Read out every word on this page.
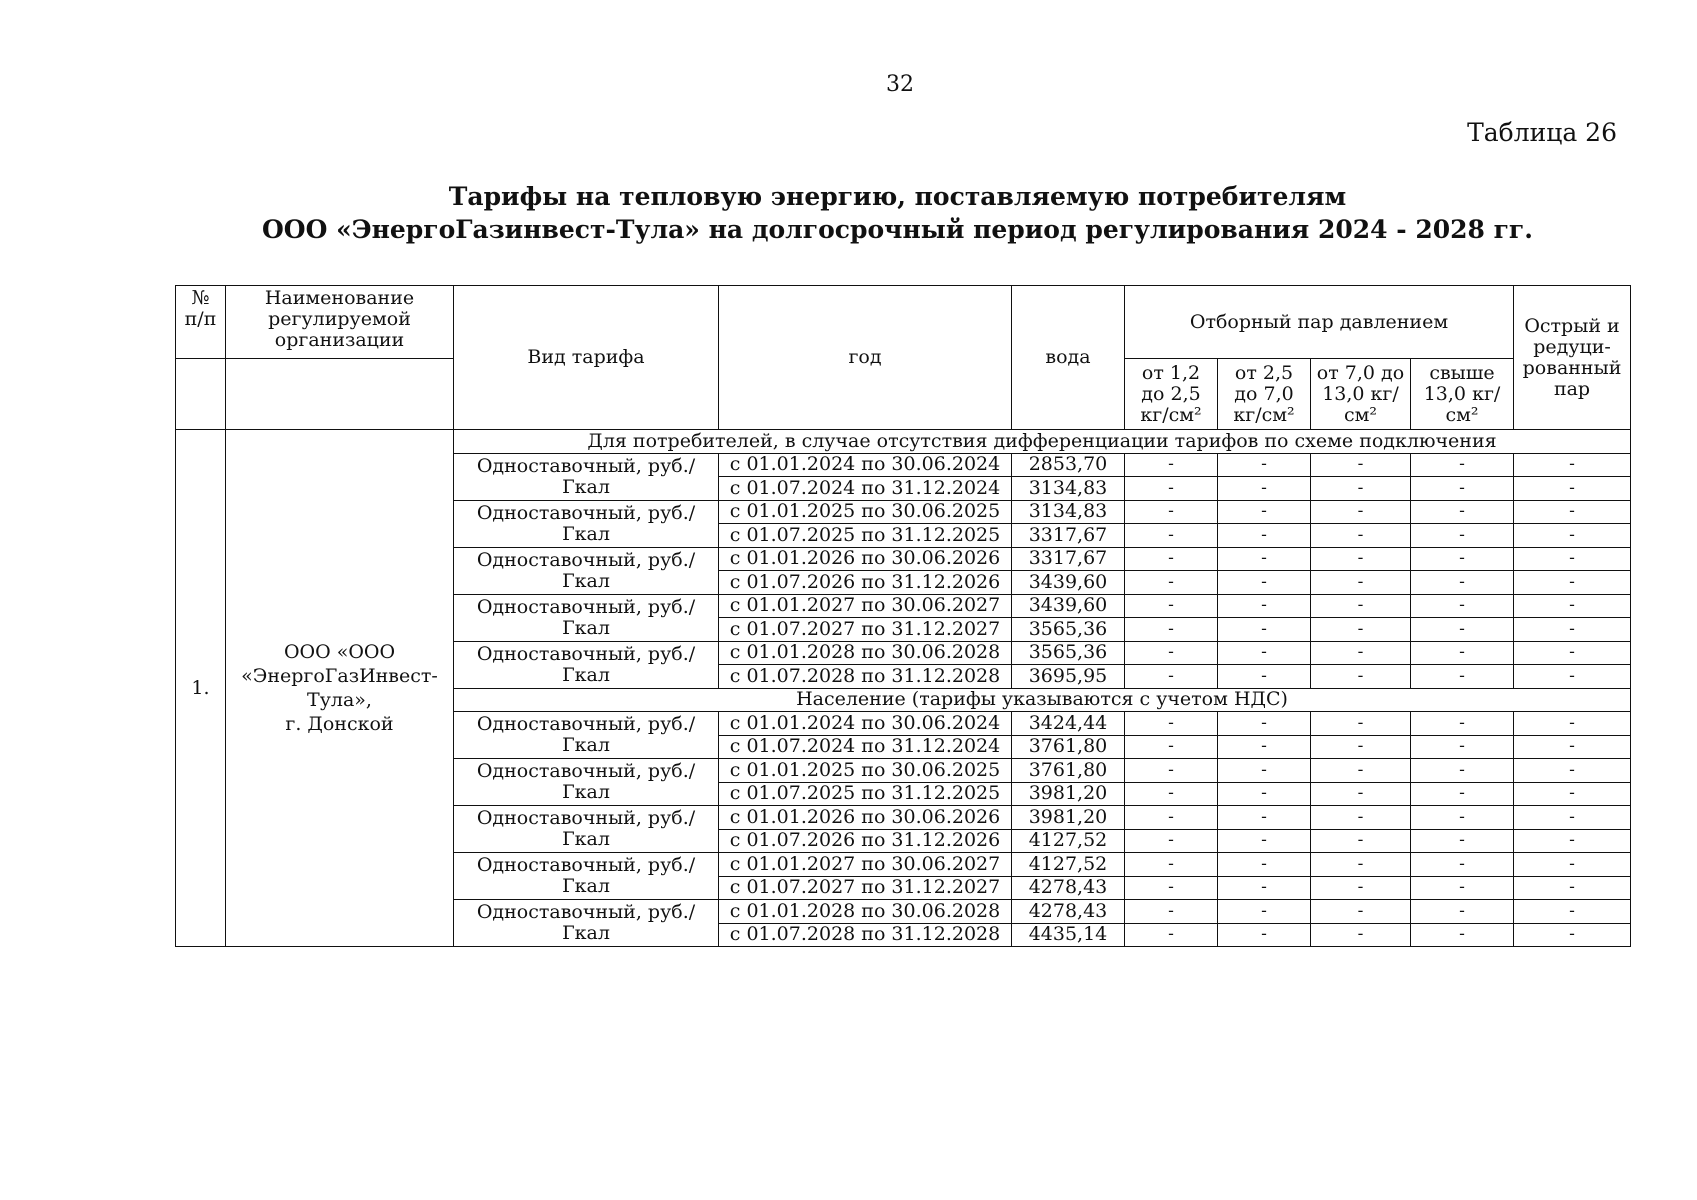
32
Таблица 26
Тарифы на тепловую энергию, поставляемую потребителям
ООО «ЭнергоГазинвест-Тула» на долгосрочный период регулирования 2024 - 2028 гг.
№ п/п	Наименование регулируемой организации	Вид тарифа	год	вода	Отборный пар давлением				Острый и редуци-рованный пар
					от 1,2 до 2,5 кг/см²	от 2,5 до 7,0 кг/см²	от 7,0 до 13,0 кг/см²	свыше 13,0 кг/см²	
1.	ООО «ООО
«ЭнергоГазИнвест-
Тула»,
г. Донской	Для потребителей, в случае отсутствия дифференциации тарифов по схеме подключения							
		Одноставочный, руб./Гкал	с 01.01.2024 по 30.06.2024	2853,70	-	-	-	-	-
			с 01.07.2024 по 31.12.2024	3134,83	-	-	-	-	-
		Одноставочный, руб./Гкал	с 01.01.2025 по 30.06.2025	3134,83	-	-	-	-	-
			с 01.07.2025 по 31.12.2025	3317,67	-	-	-	-	-
		Одноставочный, руб./Гкал	с 01.01.2026 по 30.06.2026	3317,67	-	-	-	-	-
			с 01.07.2026 по 31.12.2026	3439,60	-	-	-	-	-
		Одноставочный, руб./Гкал	с 01.01.2027 по 30.06.2027	3439,60	-	-	-	-	-
			с 01.07.2027 по 31.12.2027	3565,36	-	-	-	-	-
		Одноставочный, руб./Гкал	с 01.01.2028 по 30.06.2028	3565,36	-	-	-	-	-
			с 01.07.2028 по 31.12.2028	3695,95	-	-	-	-	-
		Население (тарифы указываются с учетом НДС)							
		Одноставочный, руб./Гкал	с 01.01.2024 по 30.06.2024	3424,44	-	-	-	-	-
			с 01.07.2024 по 31.12.2024	3761,80	-	-	-	-	-
		Одноставочный, руб./Гкал	с 01.01.2025 по 30.06.2025	3761,80	-	-	-	-	-
			с 01.07.2025 по 31.12.2025	3981,20	-	-	-	-	-
		Одноставочный, руб./Гкал	с 01.01.2026 по 30.06.2026	3981,20	-	-	-	-	-
			с 01.07.2026 по 31.12.2026	4127,52	-	-	-	-	-
		Одноставочный, руб./Гкал	с 01.01.2027 по 30.06.2027	4127,52	-	-	-	-	-
			с 01.07.2027 по 31.12.2027	4278,43	-	-	-	-	-
		Одноставочный, руб./Гкал	с 01.01.2028 по 30.06.2028	4278,43	-	-	-	-	-
			с 01.07.2028 по 31.12.2028	4435,14	-	-	-	-	-
